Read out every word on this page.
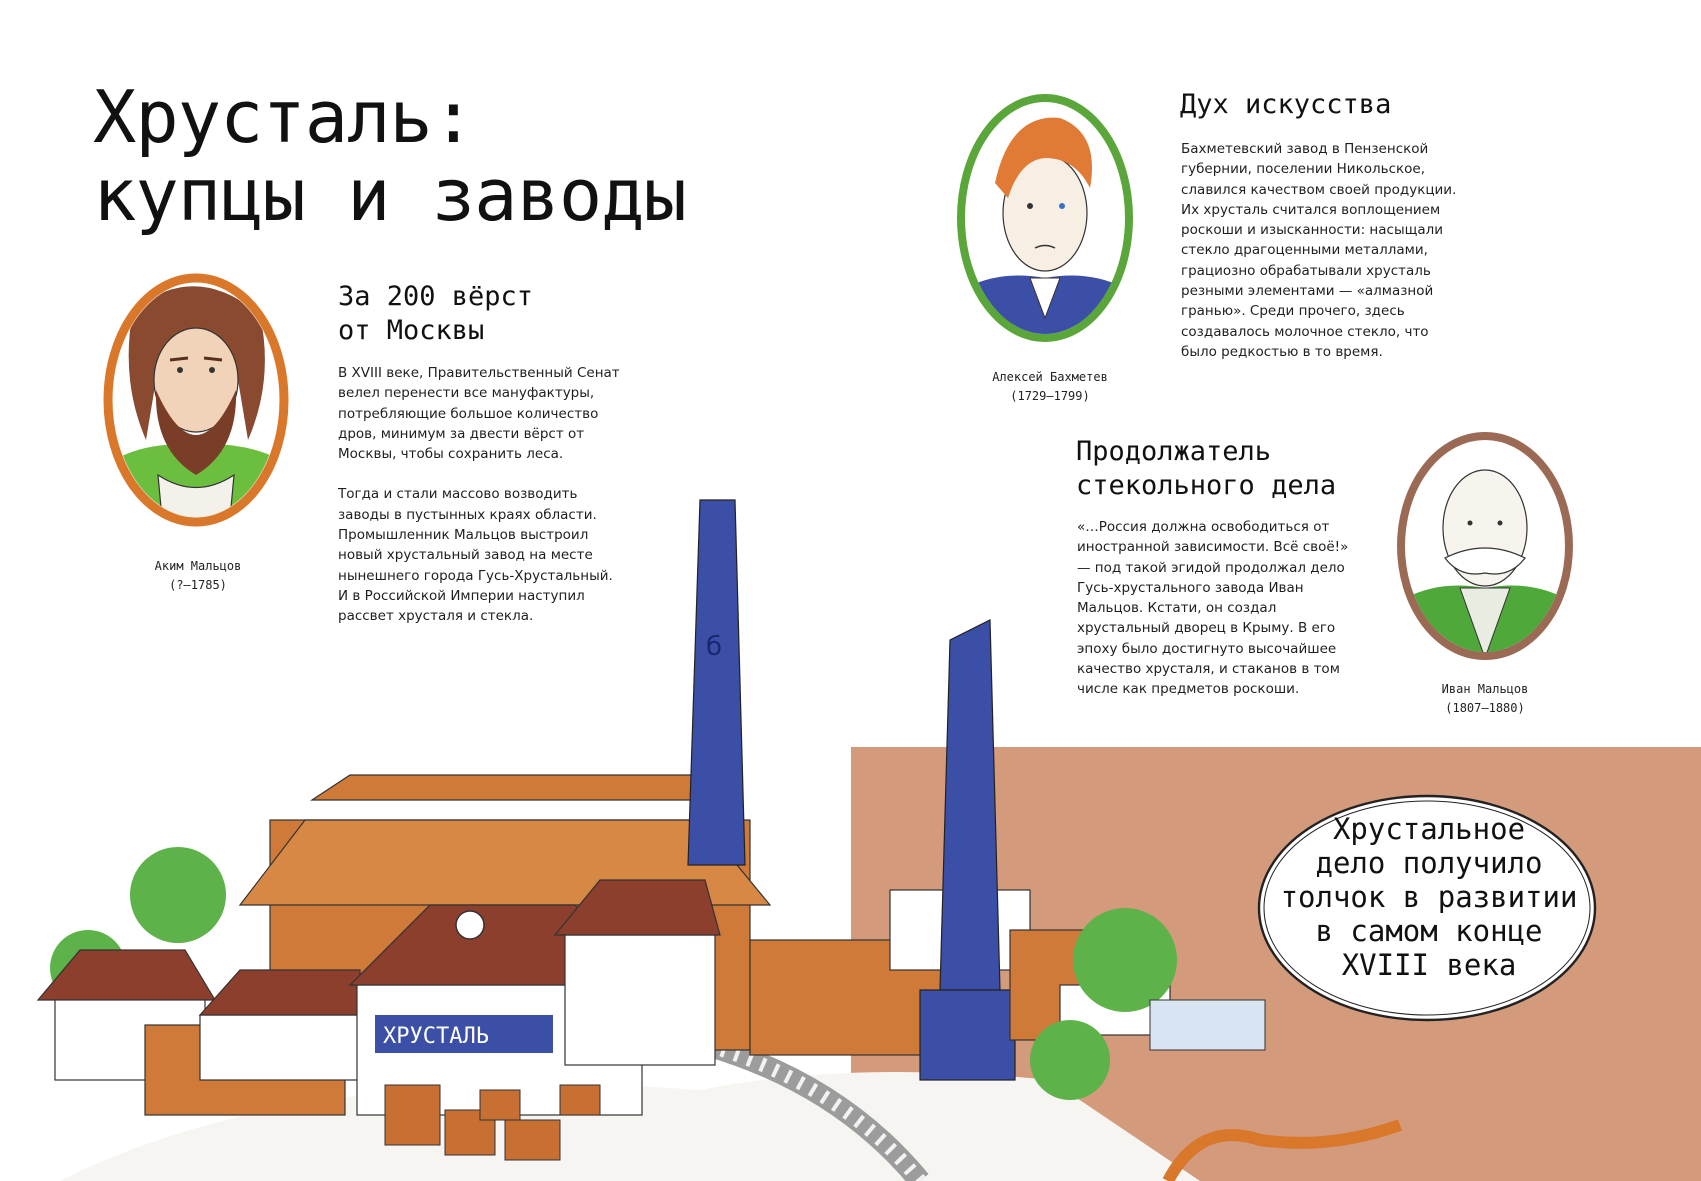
Хрусталь:
купцы и заводы
За 200 вёрст
от Москвы

В XVIII веке, Правительственный Сенат велел перенести все мануфактуры, потребляющие большое количество дров, минимум за двести вёрст от Москвы, чтобы сохранить леса.

Тогда и стали массово возводить заводы в пустынных краях области. Промышленник Мальцов выстроил новый хрустальный завод на месте нынешнего города Гусь-Хрустальный. И в Российской Империи наступил рассвет хрусталя и стекла.

Дух искусства

Бахметевский завод в Пензенской губернии, поселении Никольское, славился качеством своей продукции. Их хрусталь считался воплощением роскоши и изысканности: насыщали стекло драгоценными металлами, грациозно обрабатывали хрусталь резными элементами — «алмазной гранью». Среди прочего, здесь создавалось молочное стекло, что было редкостью в то время.

Продолжатель
стекольного дела

«…Россия должна освободиться от иностранной зависимости. Всё своё!» — под такой эгидой продолжал дело Гусь-хрустального завода Иван Мальцов. Кстати, он создал хрустальный дворец в Крыму. В его эпоху было достигнуто высочайшее качество хрусталя, и стаканов в том числе как предметов роскоши.

Аким Мальцов
(?–1785)
Алексей Бахметев
(1729–1799)
Иван Мальцов
(1807–1880)
б
ХРУСТАЛЬ
Хрустальное
дело получило
толчок в развитии
в самом конце
XVIII века
